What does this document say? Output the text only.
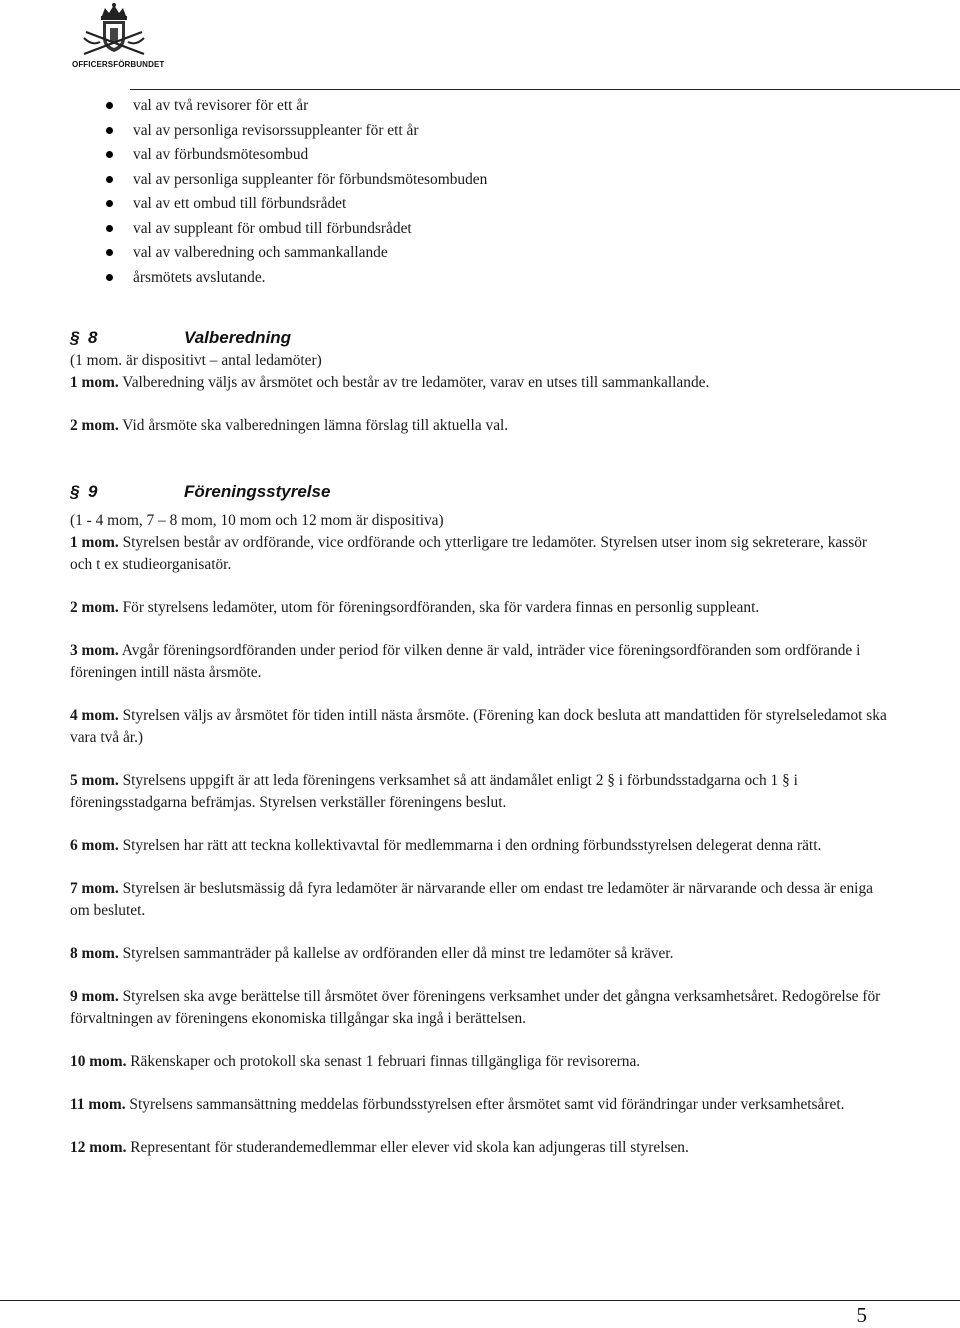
OFFICERSFÖRBUNDET
val av två revisorer för ett år
val av personliga revisorssuppleanter för ett år
val av förbundsmötesombud
val av personliga suppleanter för förbundsmötesombuden
val av ett ombud till förbundsrådet
val av suppleant för ombud till förbundsrådet
val av valberedning och sammankallande
årsmötets avslutande.
§ 8	Valberedning

(1 mom. är dispositivt – antal ledamöter)

1 mom. Valberedning väljs av årsmötet och består av tre ledamöter, varav en utses till sammankallande.

2 mom. Vid årsmöte ska valberedningen lämna förslag till aktuella val.

§ 9	Föreningsstyrelse

(1 - 4 mom, 7 – 8 mom, 10 mom och 12 mom är dispositiva)

1 mom. Styrelsen består av ordförande, vice ordförande och ytterligare tre ledamöter. Styrelsen utser inom sig sekreterare, kassör och t ex studieorganisatör.

2 mom. För styrelsens ledamöter, utom för föreningsordföranden, ska för vardera finnas en personlig suppleant.

3 mom. Avgår föreningsordföranden under period för vilken denne är vald, inträder vice föreningsordföranden som ordförande i föreningen intill nästa årsmöte.

4 mom. Styrelsen väljs av årsmötet för tiden intill nästa årsmöte. (Förening kan dock besluta att mandattiden för styrelseledamot ska vara två år.)

5 mom. Styrelsens uppgift är att leda föreningens verksamhet så att ändamålet enligt 2 § i förbundsstadgarna och 1 § i föreningsstadgarna befrämjas. Styrelsen verkställer föreningens beslut.

6 mom. Styrelsen har rätt att teckna kollektivavtal för medlemmarna i den ordning förbundsstyrelsen delegerat denna rätt.

7 mom. Styrelsen är beslutsmässig då fyra ledamöter är närvarande eller om endast tre ledamöter är närvarande och dessa är eniga om beslutet.

8 mom. Styrelsen sammanträder på kallelse av ordföranden eller då minst tre ledamöter så kräver.

9 mom. Styrelsen ska avge berättelse till årsmötet över föreningens verksamhet under det gångna verksamhetsåret. Redogörelse för förvaltningen av föreningens ekonomiska tillgångar ska ingå i berättelsen.

10 mom. Räkenskaper och protokoll ska senast 1 februari finnas tillgängliga för revisorerna.

11 mom. Styrelsens sammansättning meddelas förbundsstyrelsen efter årsmötet samt vid förändringar under verksamhetsåret.

12 mom. Representant för studerandemedlemmar eller elever vid skola kan adjungeras till styrelsen.

5
